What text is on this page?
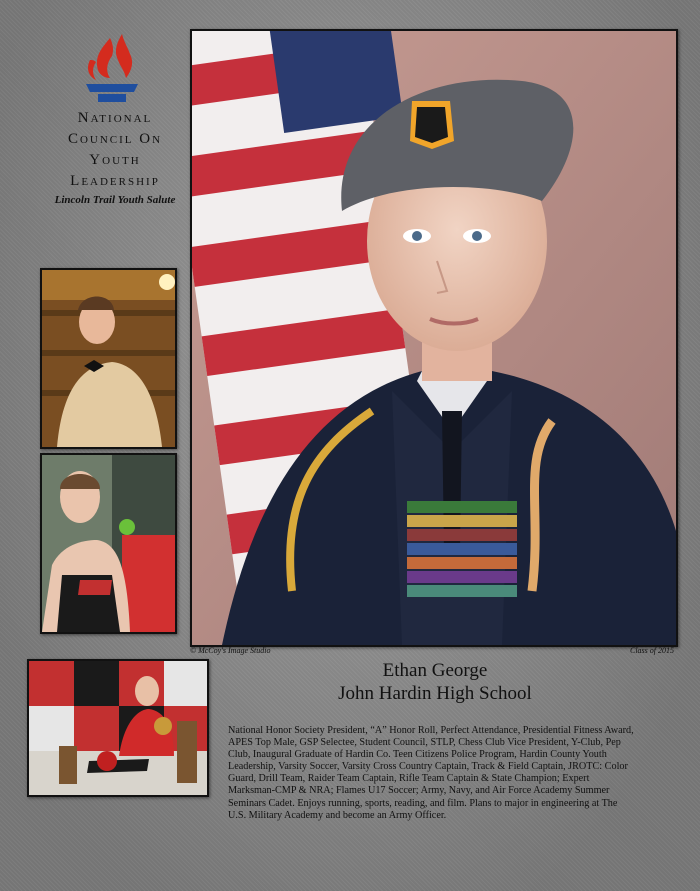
National
Council On
Youth
Leadership
Lincoln Trail Youth Salute
© McCoy's Image Studio	Class of 2015
Ethan George
John Hardin High School
National Honor Society President, “A” Honor Roll, Perfect Attendance, Presidential Fitness Award, APES Top Male, GSP Selectee, Student Council, STLP, Chess Club Vice President, Y-Club, Pep Club, Inaugural Graduate of Hardin Co. Teen Citizens Police Program, Hardin County Youth Leadership, Varsity Soccer, Varsity Cross Country Captain, Track & Field Captain, JROTC: Color Guard, Drill Team, Raider Team Captain, Rifle Team Captain & State Champion; Expert Marksman-CMP & NRA; Flames U17 Soccer; Army, Navy, and Air Force Academy Summer Seminars Cadet. Enjoys running, sports, reading, and film. Plans to major in engineering at The U.S. Military Academy and become an Army Officer.
